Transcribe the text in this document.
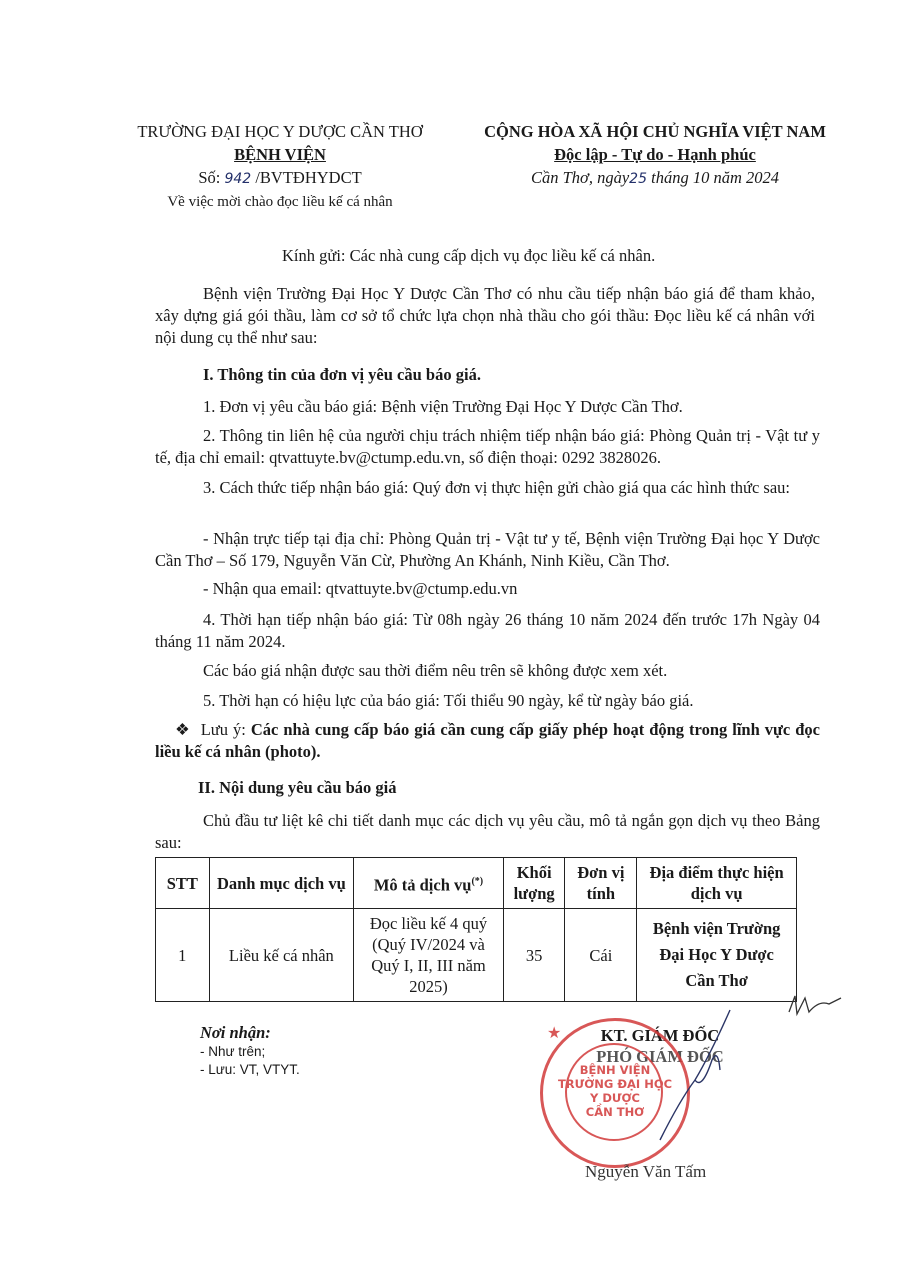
TRƯỜNG ĐẠI HỌC Y DƯỢC CẦN THƠ
BỆNH VIỆN
Số: 942 /BVTĐHYDCT
Về việc mời chào đọc liều kế cá nhân
CỘNG HÒA XÃ HỘI CHỦ NGHĨA VIỆT NAM
Độc lập - Tự do - Hạnh phúc
Cần Thơ, ngày25 tháng 10 năm 2024
Kính gửi: Các nhà cung cấp dịch vụ đọc liều kế cá nhân.
Bệnh viện Trường Đại Học Y Dược Cần Thơ có nhu cầu tiếp nhận báo giá để tham khảo, xây dựng giá gói thầu, làm cơ sở tổ chức lựa chọn nhà thầu cho gói thầu: Đọc liều kế cá nhân với nội dung cụ thể như sau:
I. Thông tin của đơn vị yêu cầu báo giá.
1. Đơn vị yêu cầu báo giá: Bệnh viện Trường Đại Học Y Dược Cần Thơ.
2. Thông tin liên hệ của người chịu trách nhiệm tiếp nhận báo giá: Phòng Quản trị - Vật tư y tế, địa chỉ email: qtvattuyte.bv@ctump.edu.vn, số điện thoại: 0292 3828026.
3. Cách thức tiếp nhận báo giá: Quý đơn vị thực hiện gửi chào giá qua các hình thức sau:
- Nhận trực tiếp tại địa chỉ: Phòng Quản trị - Vật tư y tế, Bệnh viện Trường Đại học Y Dược Cần Thơ – Số 179, Nguyễn Văn Cừ, Phường An Khánh, Ninh Kiều, Cần Thơ.
- Nhận qua email: qtvattuyte.bv@ctump.edu.vn
4. Thời hạn tiếp nhận báo giá: Từ 08h ngày 26 tháng 10 năm 2024 đến trước 17h Ngày 04 tháng 11 năm 2024.
Các báo giá nhận được sau thời điểm nêu trên sẽ không được xem xét.
5. Thời hạn có hiệu lực của báo giá: Tối thiểu 90 ngày, kể từ ngày báo giá.
❖ Lưu ý: Các nhà cung cấp báo giá cần cung cấp giấy phép hoạt động trong lĩnh vực đọc liều kế cá nhân (photo).
II. Nội dung yêu cầu báo giá
Chủ đầu tư liệt kê chi tiết danh mục các dịch vụ yêu cầu, mô tả ngắn gọn dịch vụ theo Bảng sau:
STT	Danh mục dịch vụ	Mô tả dịch vụ(*)	Khối lượng	Đơn vị tính	Địa điểm thực hiện dịch vụ
1	Liều kế cá nhân	Đọc liều kế 4 quý (Quý IV/2024 và Quý I, II, III năm 2025)	35	Cái	Bệnh viện Trường Đại Học Y Dược Cần Thơ
Nơi nhận:
- Như trên;
- Lưu: VT, VTYT.
KT. GIÁM ĐỐC
PHÓ GIÁM ĐỐC
BỆNH VIỆN
TRƯỜNG ĐẠI HỌC
Y DƯỢC
CẦN THƠ
★
Nguyễn Văn Tấm
